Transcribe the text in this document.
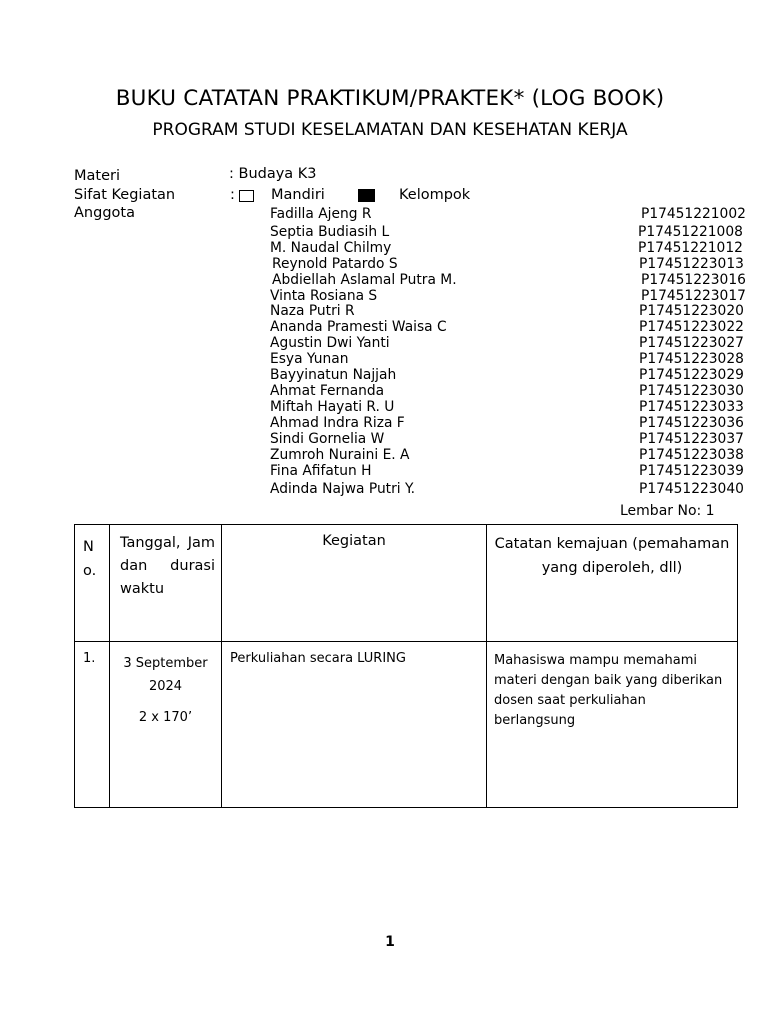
BUKU CATATAN PRAKTIKUM/PRAKTEK* (LOG BOOK)
PROGRAM STUDI KESELAMATAN DAN KESEHATAN KERJA
Materi	: Budaya K3
Sifat Kegiatan	: Mandiri	Kelompok
Anggota	Fadilla Ajeng R	P17451221002
Septia Budiasih L	P17451221008
M. Naudal Chilmy	P17451221012
Reynold Patardo S	P17451223013
Abdiellah Aslamal Putra M.	P17451223016
Vinta Rosiana S	P17451223017
Naza Putri R	P17451223020
Ananda Pramesti Waisa C	P17451223022
Agustin Dwi Yanti	P17451223027
Esya Yunan	P17451223028
Bayyinatun Najjah	P17451223029
Ahmat Fernanda	P17451223030
Miftah Hayati R. U	P17451223033
Ahmad Indra Riza F	P17451223036
Sindi Gornelia W	P17451223037
Zumroh Nuraini E. A	P17451223038
Fina Afifatun H	P17451223039
Adinda Najwa Putri Y.	P17451223040
Lembar No: 1
N
o.	Tanggal, Jam dan durasi waktu	Kegiatan	Catatan kemajuan (pemahaman yang diperoleh, dll)
1.	3 September
2024
2 x 170’	Perkuliahan secara LURING	Mahasiswa mampu memahami materi dengan baik yang diberikan dosen saat perkuliahan berlangsung
1
